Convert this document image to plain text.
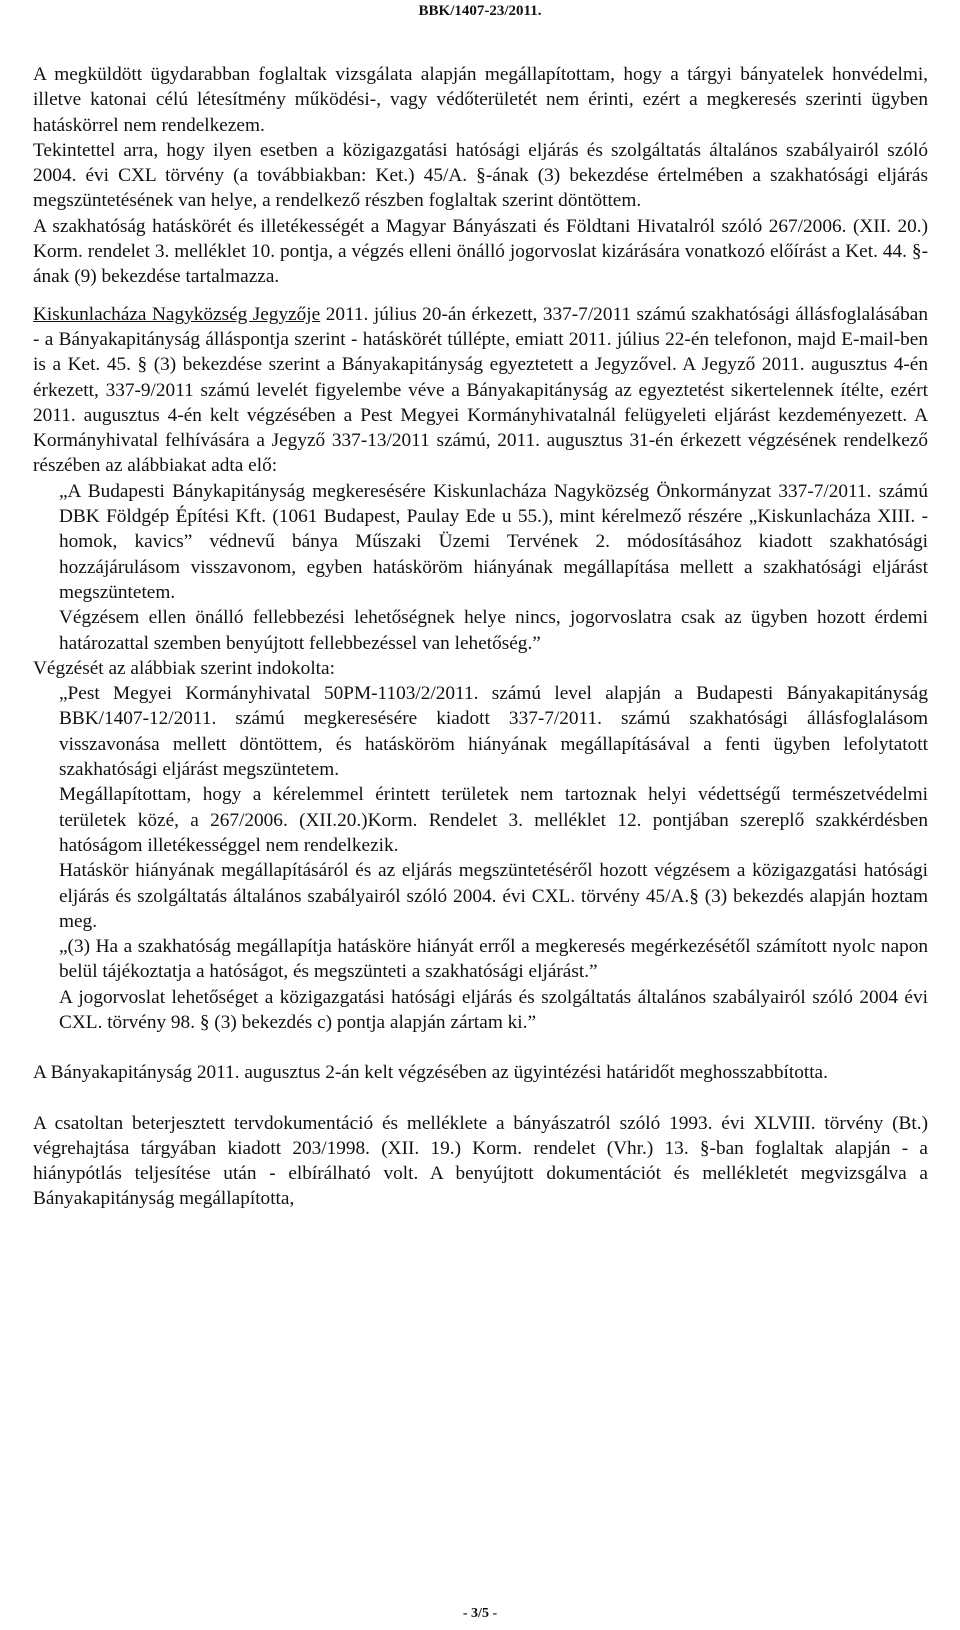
BBK/1407-23/2011.

A megküldött ügydarabban foglaltak vizsgálata alapján megállapítottam, hogy a tárgyi bányatelek honvédelmi, illetve katonai célú létesítmény működési-, vagy védőterületét nem érinti, ezért a megkeresés szerinti ügyben hatáskörrel nem rendelkezem.

Tekintettel arra, hogy ilyen esetben a közigazgatási hatósági eljárás és szolgáltatás általános szabályairól szóló 2004. évi CXL törvény (a továbbiakban: Ket.) 45/A. §-ának (3) bekezdése értelmében a szakhatósági eljárás megszüntetésének van helye, a rendelkező részben foglaltak szerint döntöttem.

A szakhatóság hatáskörét és illetékességét a Magyar Bányászati és Földtani Hivatalról szóló 267/2006. (XII. 20.) Korm. rendelet 3. melléklet 10. pontja, a végzés elleni önálló jogorvoslat kizárására vonatkozó előírást a Ket. 44. §-ának (9) bekezdése tartalmazza.

Kiskunlacháza Nagyközség Jegyzője 2011. július 20-án érkezett, 337-7/2011 számú szakhatósági állásfoglalásában - a Bányakapitányság álláspontja szerint - hatáskörét túllépte, emiatt 2011. július 22-én telefonon, majd E-mail-ben is a Ket. 45. § (3) bekezdése szerint a Bányakapitányság egyeztetett a Jegyzővel. A Jegyző 2011. augusztus 4-én érkezett, 337-9/2011 számú levelét figyelembe véve a Bányakapitányság az egyeztetést sikertelennek ítélte, ezért 2011. augusztus 4-én kelt végzésében a Pest Megyei Kormányhivatalnál felügyeleti eljárást kezdeményezett. A Kormányhivatal felhívására a Jegyző 337-13/2011 számú, 2011. augusztus 31-én érkezett végzésének rendelkező részében az alábbiakat adta elő:

„A Budapesti Bánykapitányság megkeresésére Kiskunlacháza Nagyközség Önkormányzat 337-7/2011. számú DBK Földgép Építési Kft. (1061 Budapest, Paulay Ede u 55.), mint kérelmező részére „Kiskunlacháza XIII. -homok, kavics” védnevű bánya Műszaki Üzemi Tervének 2. módosításához kiadott szakhatósági hozzájárulásom visszavonom, egyben hatásköröm hiányának megállapítása mellett a szakhatósági eljárást megszüntetem.

Végzésem ellen önálló fellebbezési lehetőségnek helye nincs, jogorvoslatra csak az ügyben hozott érdemi határozattal szemben benyújtott fellebbezéssel van lehetőség.”

Végzését az alábbiak szerint indokolta:

„Pest Megyei Kormányhivatal 50PM-1103/2/2011. számú level alapján a Budapesti Bányakapitányság BBK/1407-12/2011. számú megkeresésére kiadott 337-7/2011. számú szakhatósági állásfoglalásom visszavonása mellett döntöttem, és hatásköröm hiányának megállapításával a fenti ügyben lefolytatott szakhatósági eljárást megszüntetem.

Megállapítottam, hogy a kérelemmel érintett területek nem tartoznak helyi védettségű természetvédelmi területek közé, a 267/2006. (XII.20.)Korm. Rendelet 3. melléklet 12. pontjában szereplő szakkérdésben hatóságom illetékességgel nem rendelkezik.

Hatáskör hiányának megállapításáról és az eljárás megszüntetéséről hozott végzésem a közigazgatási hatósági eljárás és szolgáltatás általános szabályairól szóló 2004. évi CXL. törvény 45/A.§ (3) bekezdés alapján hoztam meg.

„(3) Ha a szakhatóság megállapítja hatásköre hiányát erről a megkeresés megérkezésétől számított nyolc napon belül tájékoztatja a hatóságot, és megszünteti a szakhatósági eljárást.”

A jogorvoslat lehetőséget a közigazgatási hatósági eljárás és szolgáltatás általános szabályairól szóló 2004 évi CXL. törvény 98. § (3) bekezdés c) pontja alapján zártam ki.”

A Bányakapitányság 2011. augusztus 2-án kelt végzésében az ügyintézési határidőt meghosszabbította.

A csatoltan beterjesztett tervdokumentáció és melléklete a bányászatról szóló 1993. évi XLVIII. törvény (Bt.) végrehajtása tárgyában kiadott 203/1998. (XII. 19.) Korm. rendelet (Vhr.) 13. §-ban foglaltak alapján - a hiánypótlás teljesítése után - elbírálható volt. A benyújtott dokumentációt és mellékletét megvizsgálva a Bányakapitányság megállapította,

- 3/5 -
